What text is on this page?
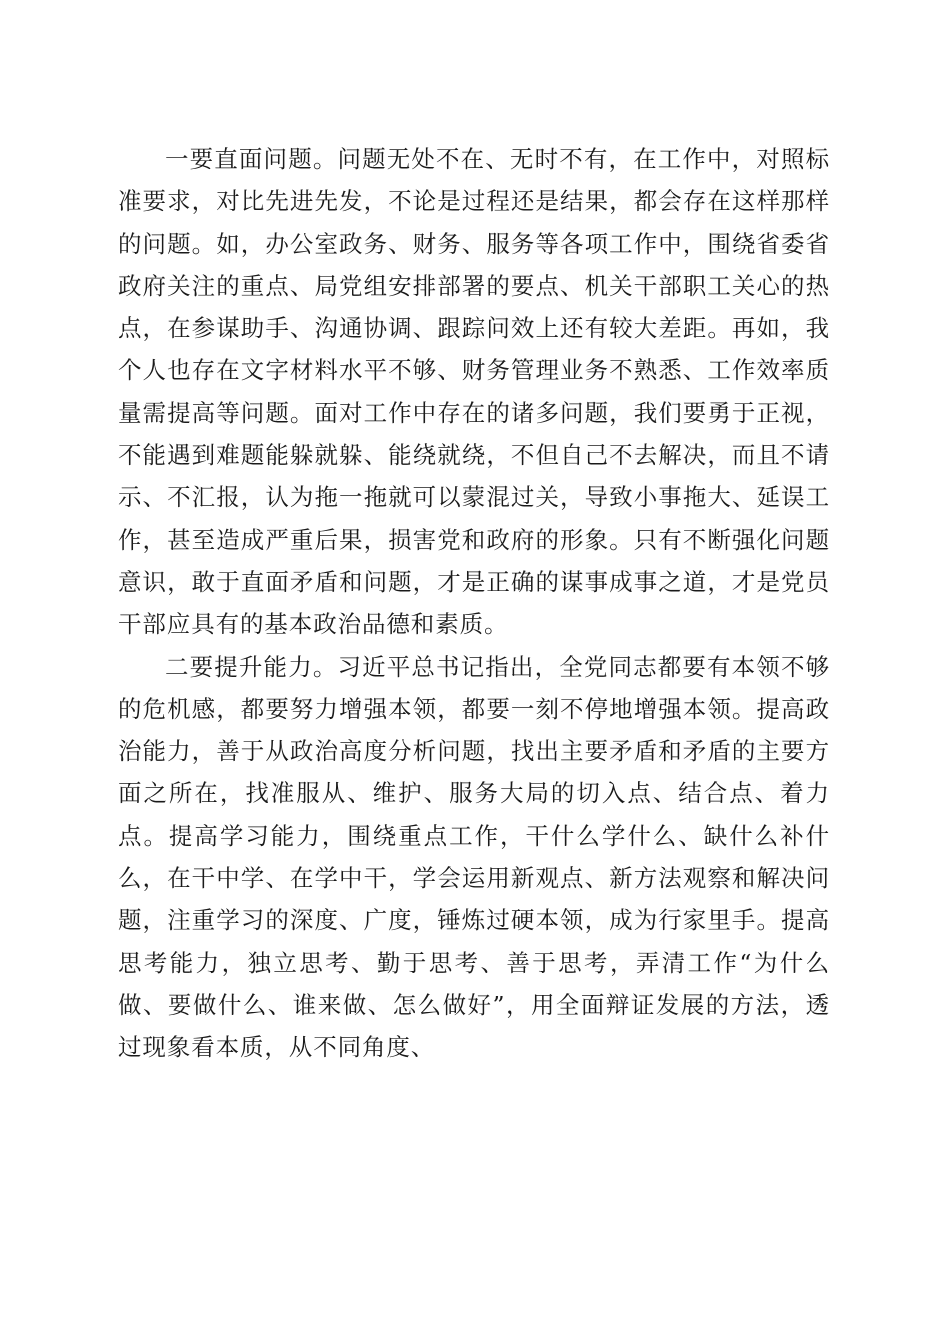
一要直面问题。问题无处不在、无时不有，在工作中，对照标准要求，对比先进先发，不论是过程还是结果，都会存在这样那样的问题。如，办公室政务、财务、服务等各项工作中，围绕省委省政府关注的重点、局党组安排部署的要点、机关干部职工关心的热点，在参谋助手、沟通协调、跟踪问效上还有较大差距。再如，我个人也存在文字材料水平不够、财务管理业务不熟悉、工作效率质量需提高等问题。面对工作中存在的诸多问题，我们要勇于正视，不能遇到难题能躲就躲、能绕就绕，不但自己不去解决，而且不请示、不汇报，认为拖一拖就可以蒙混过关，导致小事拖大、延误工作，甚至造成严重后果，损害党和政府的形象。只有不断强化问题意识，敢于直面矛盾和问题，才是正确的谋事成事之道，才是党员干部应具有的基本政治品德和素质。

二要提升能力。习近平总书记指出，全党同志都要有本领不够的危机感，都要努力增强本领，都要一刻不停地增强本领。提高政治能力，善于从政治高度分析问题，找出主要矛盾和矛盾的主要方面之所在，找准服从、维护、服务大局的切入点、结合点、着力点。提高学习能力，围绕重点工作，干什么学什么、缺什么补什么，在干中学、在学中干，学会运用新观点、新方法观察和解决问题，注重学习的深度、广度，锤炼过硬本领，成为行家里手。提高思考能力，独立思考、勤于思考、善于思考，弄清工作“为什么做、要做什么、谁来做、怎么做好”，用全面辩证发展的方法，透过现象看本质，从不同角度、
